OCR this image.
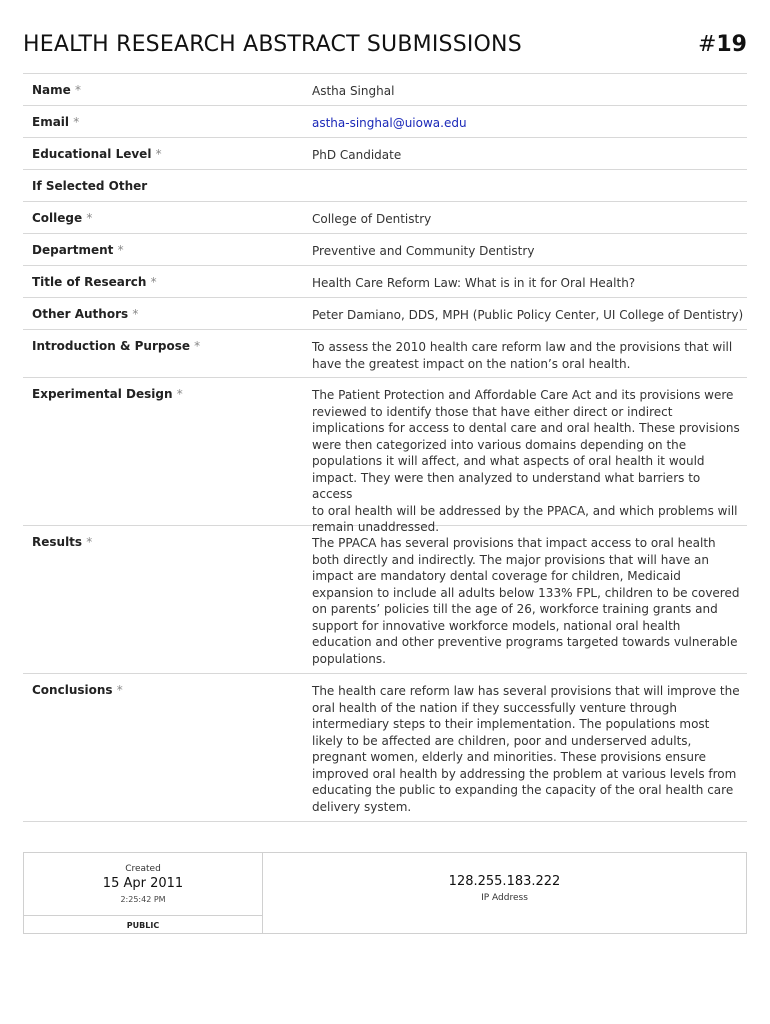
HEALTH RESEARCH ABSTRACT SUBMISSIONS	#19
Name *	Astha Singhal
Email *	astha-singhal@uiowa.edu
Educational Level *	PhD Candidate
If Selected Other
College *	College of Dentistry
Department *	Preventive and Community Dentistry
Title of Research *	Health Care Reform Law: What is in it for Oral Health?
Other Authors *	Peter Damiano, DDS, MPH (Public Policy Center, UI College of Dentistry)
Introduction & Purpose *	To assess the 2010 health care reform law and the provisions that will
have the greatest impact on the nation’s oral health.
Experimental Design *	The Patient Protection and Affordable Care Act and its provisions were
reviewed to identify those that have either direct or indirect
implications for access to dental care and oral health. These provisions
were then categorized into various domains depending on the
populations it will affect, and what aspects of oral health it would
impact. They were then analyzed to understand what barriers to access
to oral health will be addressed by the PPACA, and which problems will
remain unaddressed.
Results *	The PPACA has several provisions that impact access to oral health
both directly and indirectly. The major provisions that will have an
impact are mandatory dental coverage for children, Medicaid
expansion to include all adults below 133% FPL, children to be covered
on parents’ policies till the age of 26, workforce training grants and
support for innovative workforce models, national oral health
education and other preventive programs targeted towards vulnerable
populations.
Conclusions *	The health care reform law has several provisions that will improve the
oral health of the nation if they successfully venture through
intermediary steps to their implementation. The populations most
likely to be affected are children, poor and underserved adults,
pregnant women, elderly and minorities. These provisions ensure
improved oral health by addressing the problem at various levels from
educating the public to expanding the capacity of the oral health care
delivery system.
Created
15 Apr 2011
2:25:42 PM
PUBLIC
128.255.183.222
IP Address
